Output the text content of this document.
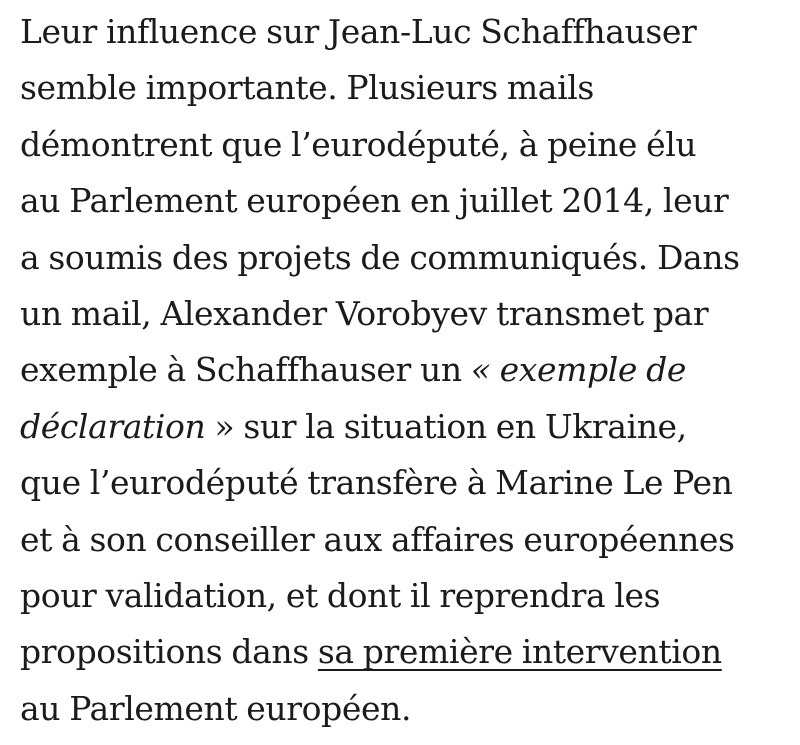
Leur influence sur Jean-Luc Schaffhauser
semble importante. Plusieurs mails
démontrent que l’eurodéputé, à peine élu
au Parlement européen en juillet 2014, leur
a soumis des projets de communiqués. Dans
un mail, Alexander Vorobyev transmet par
exemple à Schaffhauser un « exemple de
déclaration » sur la situation en Ukraine,
que l’eurodéputé transfère à Marine Le Pen
et à son conseiller aux affaires européennes
pour validation, et dont il reprendra les
propositions dans sa première intervention
au Parlement européen.
